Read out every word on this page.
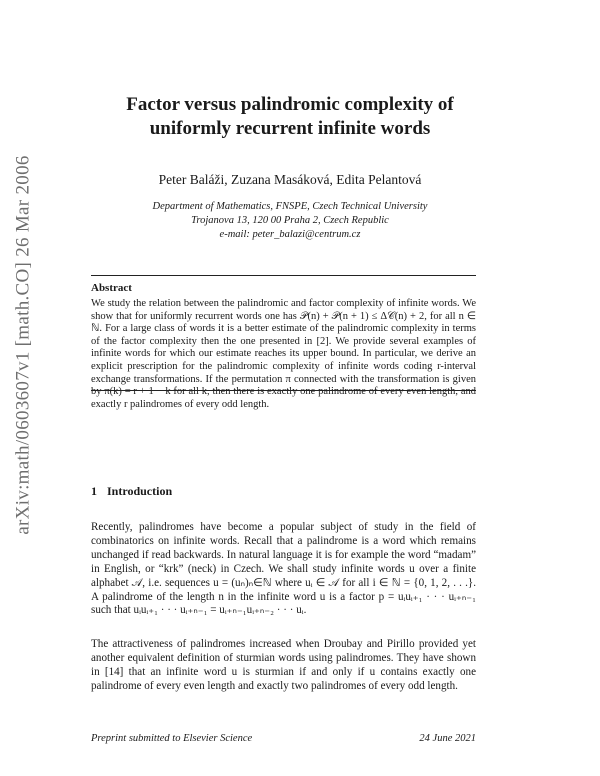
arXiv:math/0603607v1 [math.CO] 26 Mar 2006
Factor versus palindromic complexity of uniformly recurrent infinite words
Peter Baláži, Zuzana Masáková, Edita Pelantová
Department of Mathematics, FNSPE, Czech Technical University
Trojanova 13, 120 00 Praha 2, Czech Republic
e-mail: peter_balazi@centrum.cz
Abstract
We study the relation between the palindromic and factor complexity of infinite words. We show that for uniformly recurrent words one has 𝒫(n) + 𝒫(n + 1) ≤ Δ𝒞(n) + 2, for all n ∈ ℕ. For a large class of words it is a better estimate of the palindromic complexity in terms of the factor complexity then the one presented in [2]. We provide several examples of infinite words for which our estimate reaches its upper bound. In particular, we derive an explicit prescription for the palindromic complexity of infinite words coding r-interval exchange transformations. If the permutation π connected with the transformation is given by π(k) = r + 1 − k for all k, then there is exactly one palindrome of every even length, and exactly r palindromes of every odd length.
1 Introduction
Recently, palindromes have become a popular subject of study in the field of combinatorics on infinite words. Recall that a palindrome is a word which remains unchanged if read backwards. In natural language it is for example the word “madam” in English, or “krk” (neck) in Czech. We shall study infinite words u over a finite alphabet 𝒜, i.e. sequences u = (uₙ)ₙ∈ℕ where uᵢ ∈ 𝒜 for all i ∈ ℕ = {0, 1, 2, . . .}. A palindrome of the length n in the infinite word u is a factor p = uᵢuᵢ₊₁ · · · uᵢ₊ₙ₋₁ such that uᵢuᵢ₊₁ · · · uᵢ₊ₙ₋₁ = uᵢ₊ₙ₋₁uᵢ₊ₙ₋₂ · · · uᵢ.
The attractiveness of palindromes increased when Droubay and Pirillo provided yet another equivalent definition of sturmian words using palindromes. They have shown in [14] that an infinite word u is sturmian if and only if u contains exactly one palindrome of every even length and exactly two palindromes of every odd length.
Preprint submitted to Elsevier Science	24 June 2021
